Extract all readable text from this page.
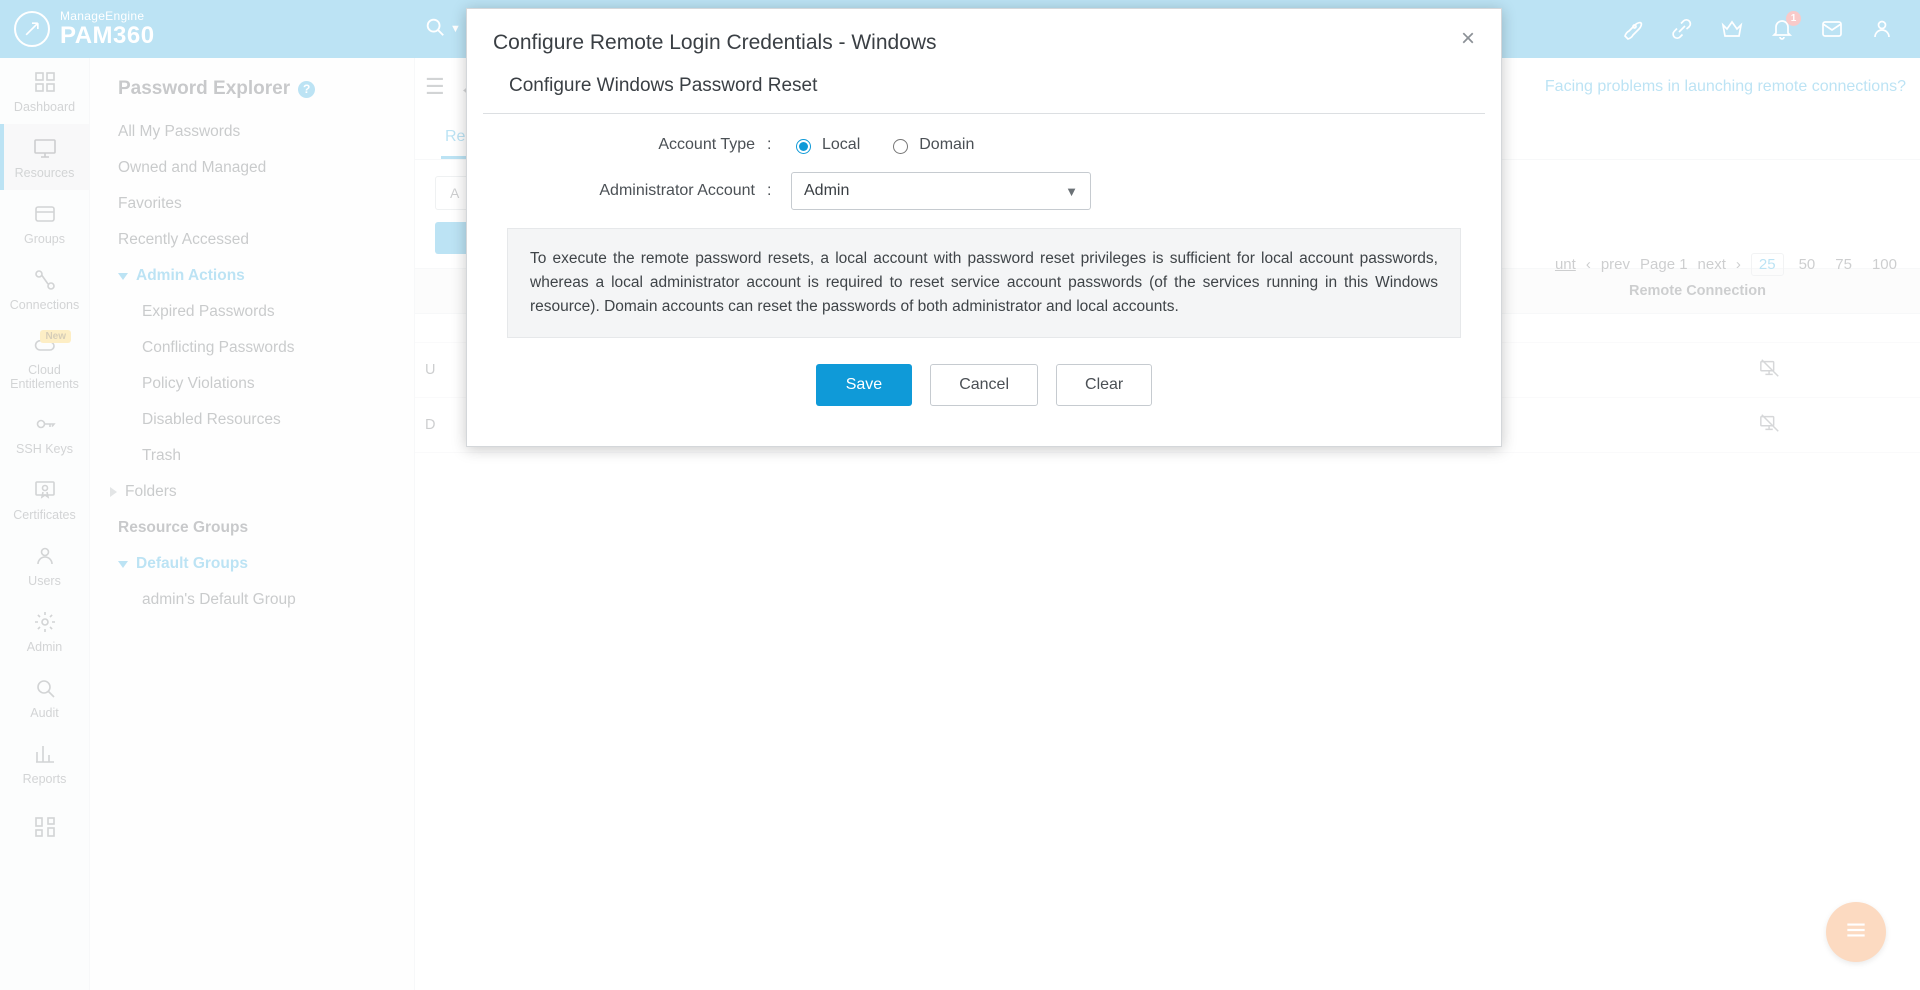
Configure Remote Login Credentials - Windows	×
Configure Windows Password Reset
Account Type :	Local	Domain
Administrator Account :	Admin	▼
To execute the remote password resets, a local account with password reset privileges is sufficient for local account passwords, whereas a local administrator account is required to reset service account passwords (of the services running in this Windows resource). Domain accounts can reset the passwords of both administrator and local accounts.
Save	Cancel	Clear
